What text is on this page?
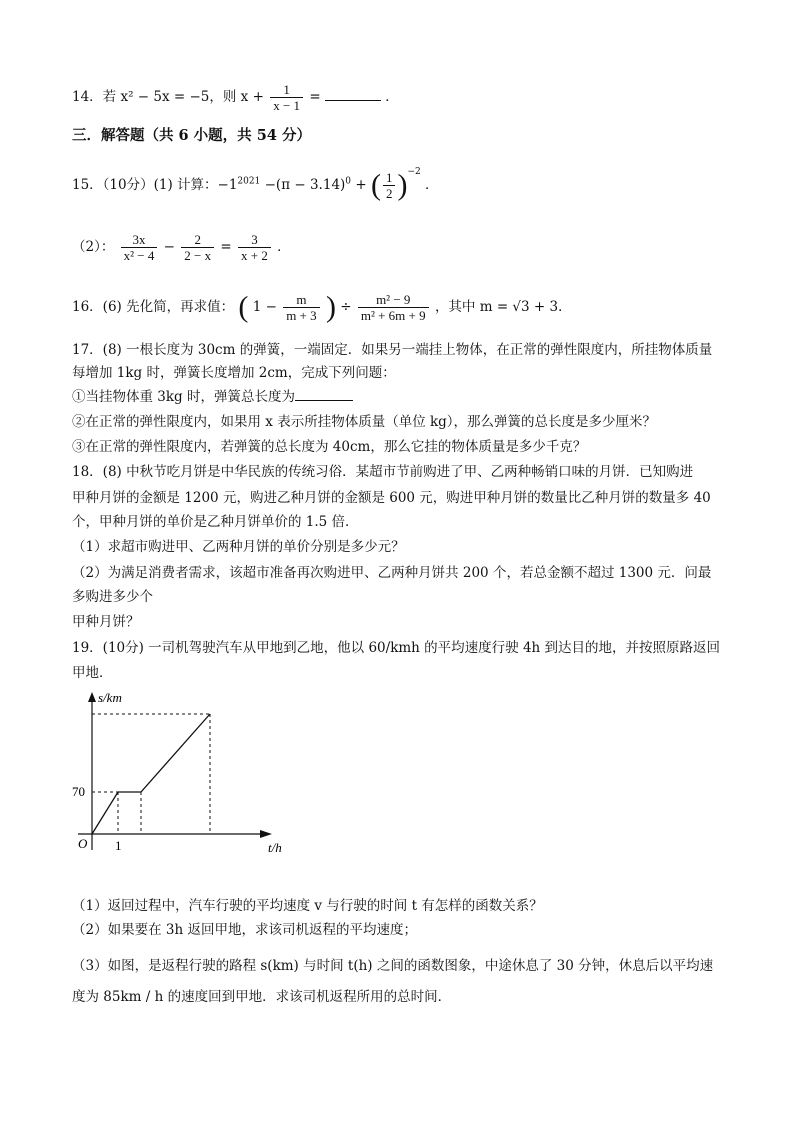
14．若 x² − 5x = −5，则 $x + \frac{1}{x - 1}$ =	．
三．解答题（共 6 小题，共 54 分）
15．（10分）(1) 计算：$-1^{2021} -(\pi - 3.14)^0$ + ( $\frac{1}{2} )^{-2}$ ．
（2）： $\frac{3x}{\text{x² − 4}} - \frac{2}{2 - x} = \frac{3}{x + 2}$ ．
16．(6) 先化简，再求值： ( $1 - \frac{m}{m + 3}$ ) ÷ $\frac{\text{m² − 9}}{\text{m² + 6m + 9}}$ ，其中 m = √3 + 3．
17．(8) 一根长度为 30cm 的弹簧，一端固定．如果另一端挂上物体，在正常的弹性限度内，所挂物体质量
每增加 1kg 时，弹簧长度增加 2cm，完成下列问题：
①当挂物体重 3kg 时，弹簧总长度为
②在正常的弹性限度内，如果用 x 表示所挂物体质量（单位 kg），那么弹簧的总长度是多少厘米？
③在正常的弹性限度内，若弹簧的总长度为 40cm，那么它挂的物体质量是多少千克？
18．(8) 中秋节吃月饼是中华民族的传统习俗．某超市节前购进了甲、乙两种畅销口味的月饼．已知购进
甲种月饼的金额是 1200 元，购进乙种月饼的金额是 600 元，购进甲种月饼的数量比乙种月饼的数量多 40
个，甲种月饼的单价是乙种月饼单价的 1.5 倍．
（1）求超市购进甲、乙两种月饼的单价分别是多少元？
（2）为满足消费者需求，该超市准备再次购进甲、乙两种月饼共 200 个，若总金额不超过 1300 元．问最
多购进多少个
甲种月饼？
19．(10分) 一司机驾驶汽车从甲地到乙地，他以 60/kmh 的平均速度行驶 4h 到达目的地，并按照原路返回
甲地．
s/km
t/h
O
70
1
（1）返回过程中，汽车行驶的平均速度 v 与行驶的时间 t 有怎样的函数关系？
（2）如果要在 3h 返回甲地，求该司机返程的平均速度；
（3）如图，是返程行驶的路程 s(km) 与时间 t(h) 之间的函数图象，中途休息了 30 分钟，休息后以平均速
度为 85km / h 的速度回到甲地．求该司机返程所用的总时间．
